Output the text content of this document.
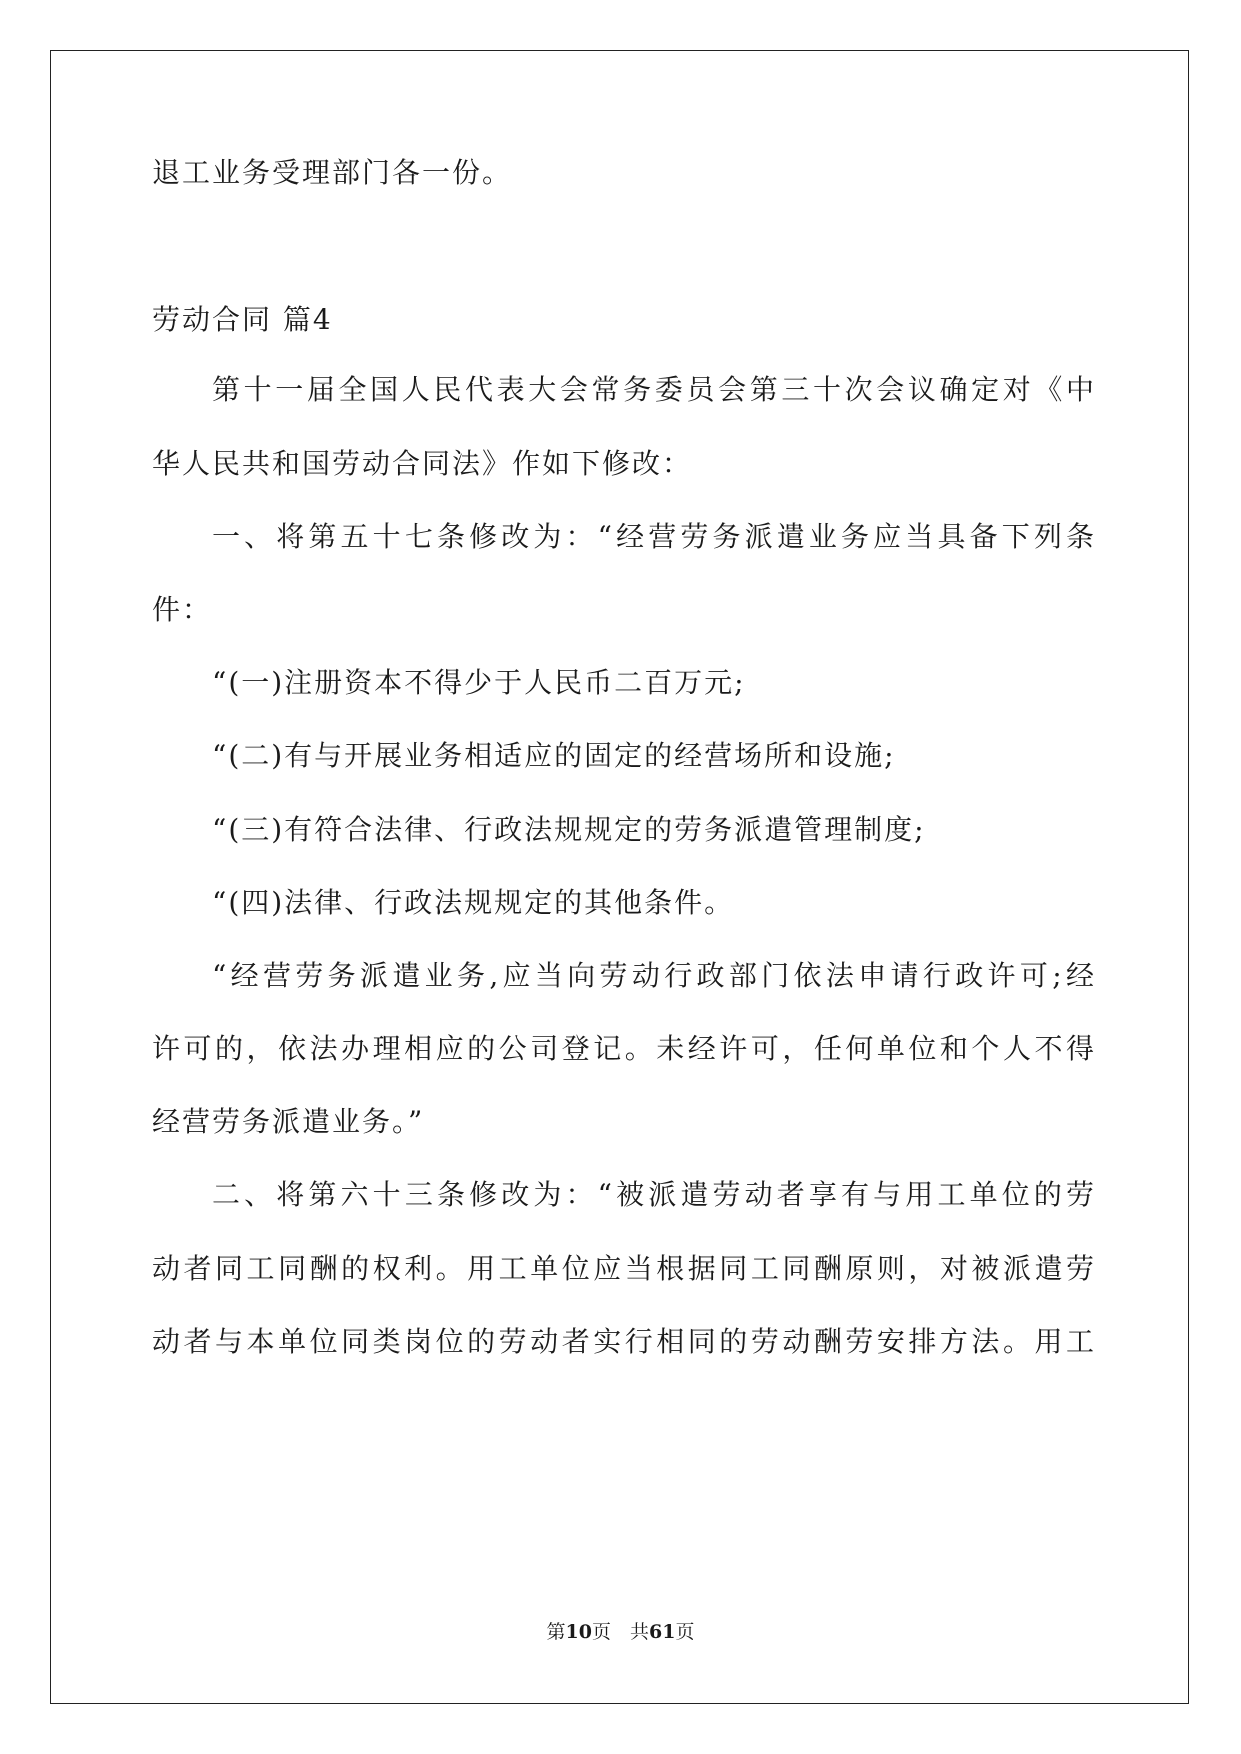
退工业务受理部门各一份。
劳动合同 篇4
第十一届全国人民代表大会常务委员会第三十次会议确定对《中
华人民共和国劳动合同法》作如下修改：
一、将第五十七条修改为：“经营劳务派遣业务应当具备下列条
件：
“(一)注册资本不得少于人民币二百万元;
“(二)有与开展业务相适应的固定的经营场所和设施;
“(三)有符合法律、行政法规规定的劳务派遣管理制度;
“(四)法律、行政法规规定的其他条件。
“经营劳务派遣业务,应当向劳动行政部门依法申请行政许可;经
许可的，依法办理相应的公司登记。未经许可，任何单位和个人不得
经营劳务派遣业务。”
二、将第六十三条修改为：“被派遣劳动者享有与用工单位的劳
动者同工同酬的权利。用工单位应当根据同工同酬原则，对被派遣劳
动者与本单位同类岗位的劳动者实行相同的劳动酬劳安排方法。用工
第10页　共61页
